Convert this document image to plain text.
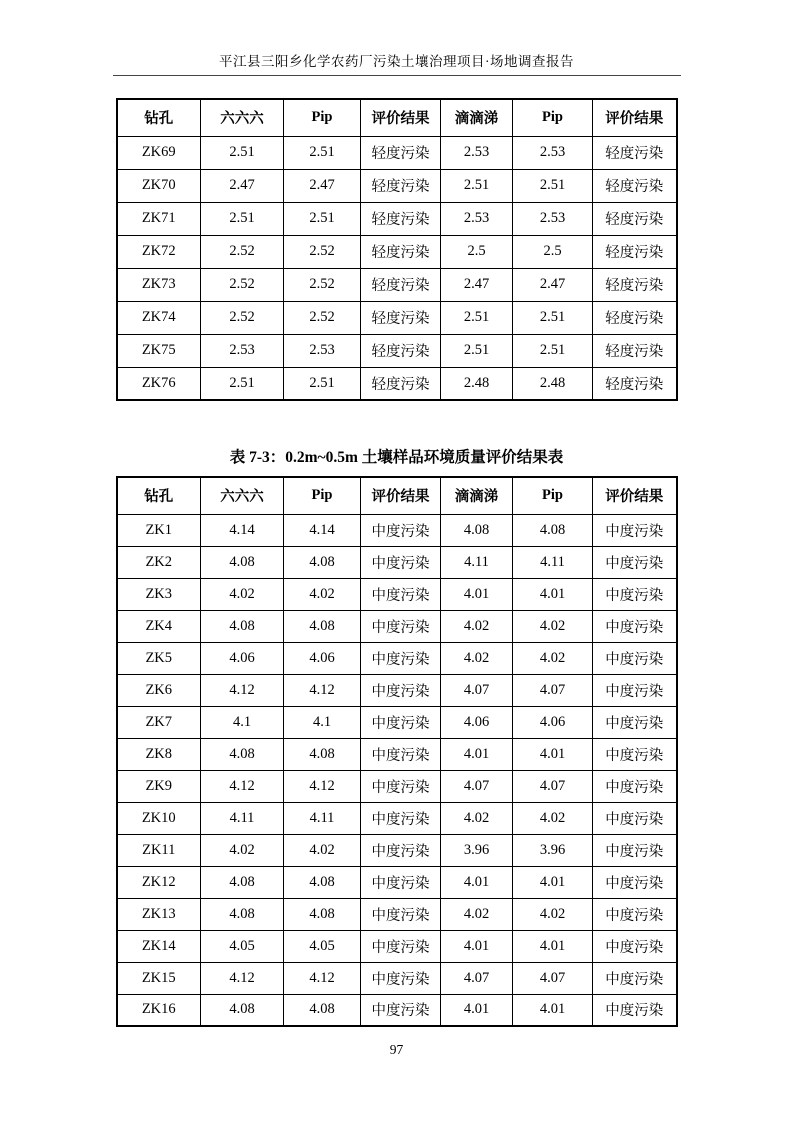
平江县三阳乡化学农药厂污染土壤治理项目·场地调查报告
钻孔	六六六	Pip	评价结果	滴滴涕	Pip	评价结果
ZK69	2.51	2.51	轻度污染	2.53	2.53	轻度污染
ZK70	2.47	2.47	轻度污染	2.51	2.51	轻度污染
ZK71	2.51	2.51	轻度污染	2.53	2.53	轻度污染
ZK72	2.52	2.52	轻度污染	2.5	2.5	轻度污染
ZK73	2.52	2.52	轻度污染	2.47	2.47	轻度污染
ZK74	2.52	2.52	轻度污染	2.51	2.51	轻度污染
ZK75	2.53	2.53	轻度污染	2.51	2.51	轻度污染
ZK76	2.51	2.51	轻度污染	2.48	2.48	轻度污染
表 7-3：0.2m~0.5m 土壤样品环境质量评价结果表
钻孔	六六六	Pip	评价结果	滴滴涕	Pip	评价结果
ZK1	4.14	4.14	中度污染	4.08	4.08	中度污染
ZK2	4.08	4.08	中度污染	4.11	4.11	中度污染
ZK3	4.02	4.02	中度污染	4.01	4.01	中度污染
ZK4	4.08	4.08	中度污染	4.02	4.02	中度污染
ZK5	4.06	4.06	中度污染	4.02	4.02	中度污染
ZK6	4.12	4.12	中度污染	4.07	4.07	中度污染
ZK7	4.1	4.1	中度污染	4.06	4.06	中度污染
ZK8	4.08	4.08	中度污染	4.01	4.01	中度污染
ZK9	4.12	4.12	中度污染	4.07	4.07	中度污染
ZK10	4.11	4.11	中度污染	4.02	4.02	中度污染
ZK11	4.02	4.02	中度污染	3.96	3.96	中度污染
ZK12	4.08	4.08	中度污染	4.01	4.01	中度污染
ZK13	4.08	4.08	中度污染	4.02	4.02	中度污染
ZK14	4.05	4.05	中度污染	4.01	4.01	中度污染
ZK15	4.12	4.12	中度污染	4.07	4.07	中度污染
ZK16	4.08	4.08	中度污染	4.01	4.01	中度污染
97
